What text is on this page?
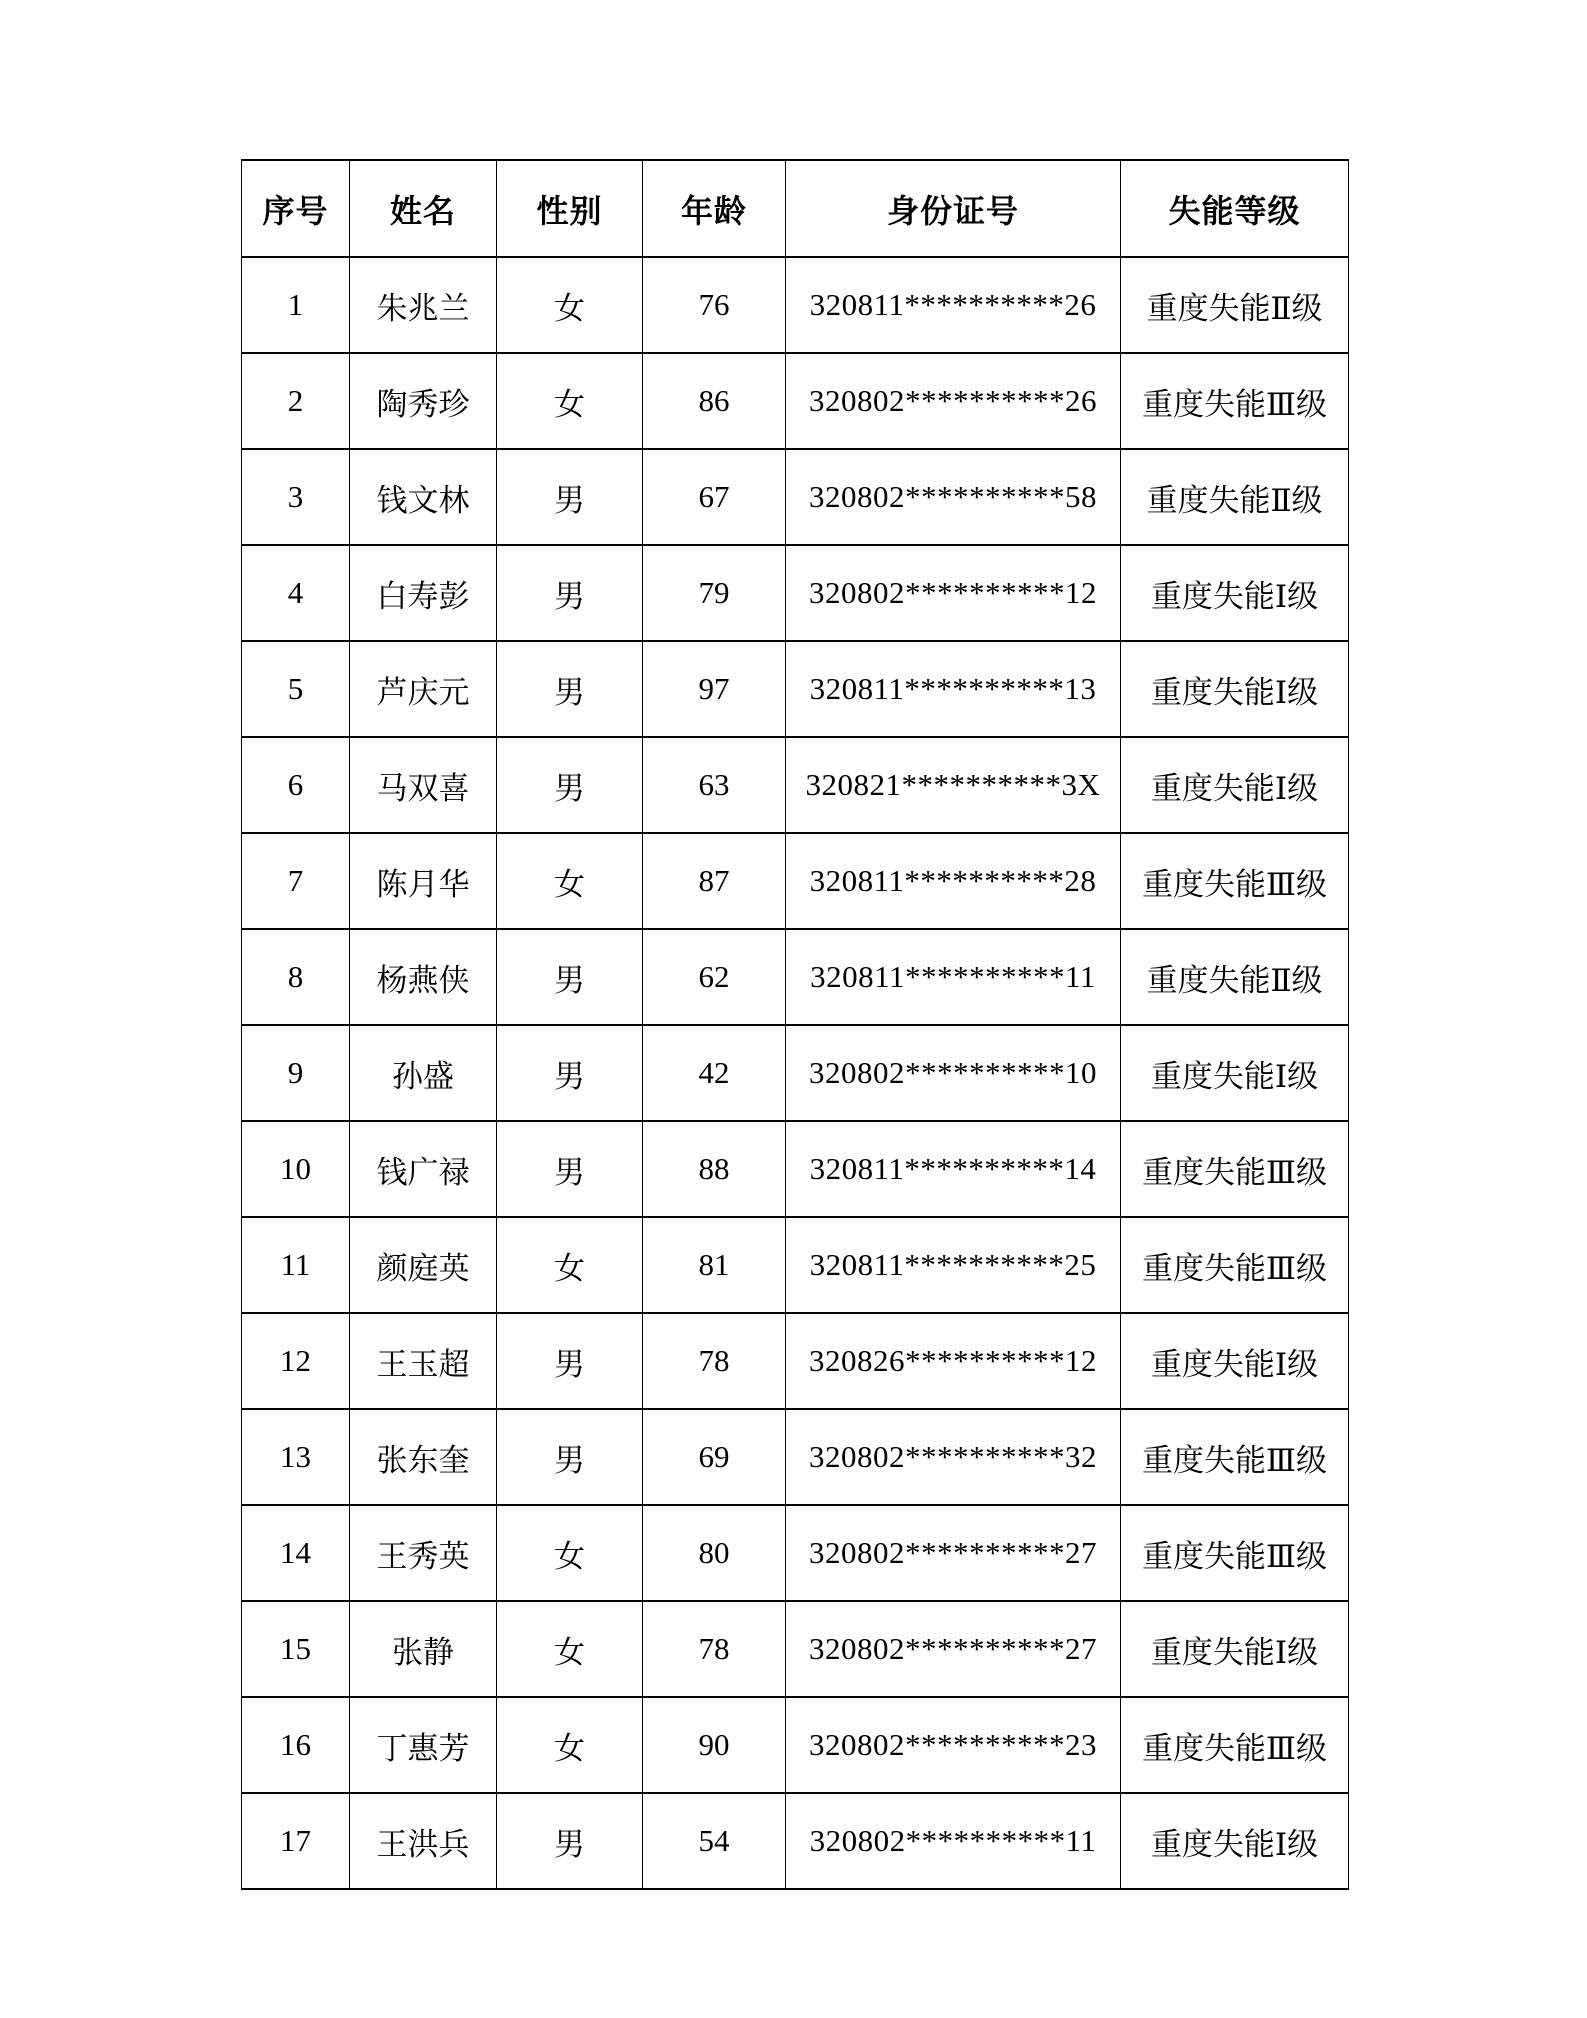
序号	姓名	性别	年龄	身份证号	失能等级
1	朱兆兰	女	76	320811**********26	重度失能Ⅱ级
2	陶秀珍	女	86	320802**********26	重度失能Ⅲ级
3	钱文林	男	67	320802**********58	重度失能Ⅱ级
4	白寿彭	男	79	320802**********12	重度失能Ⅰ级
5	芦庆元	男	97	320811**********13	重度失能Ⅰ级
6	马双喜	男	63	320821**********3X	重度失能Ⅰ级
7	陈月华	女	87	320811**********28	重度失能Ⅲ级
8	杨燕侠	男	62	320811**********11	重度失能Ⅱ级
9	孙盛	男	42	320802**********10	重度失能Ⅰ级
10	钱广禄	男	88	320811**********14	重度失能Ⅲ级
11	颜庭英	女	81	320811**********25	重度失能Ⅲ级
12	王玉超	男	78	320826**********12	重度失能Ⅰ级
13	张东奎	男	69	320802**********32	重度失能Ⅲ级
14	王秀英	女	80	320802**********27	重度失能Ⅲ级
15	张静	女	78	320802**********27	重度失能Ⅰ级
16	丁惠芳	女	90	320802**********23	重度失能Ⅲ级
17	王洪兵	男	54	320802**********11	重度失能Ⅰ级
